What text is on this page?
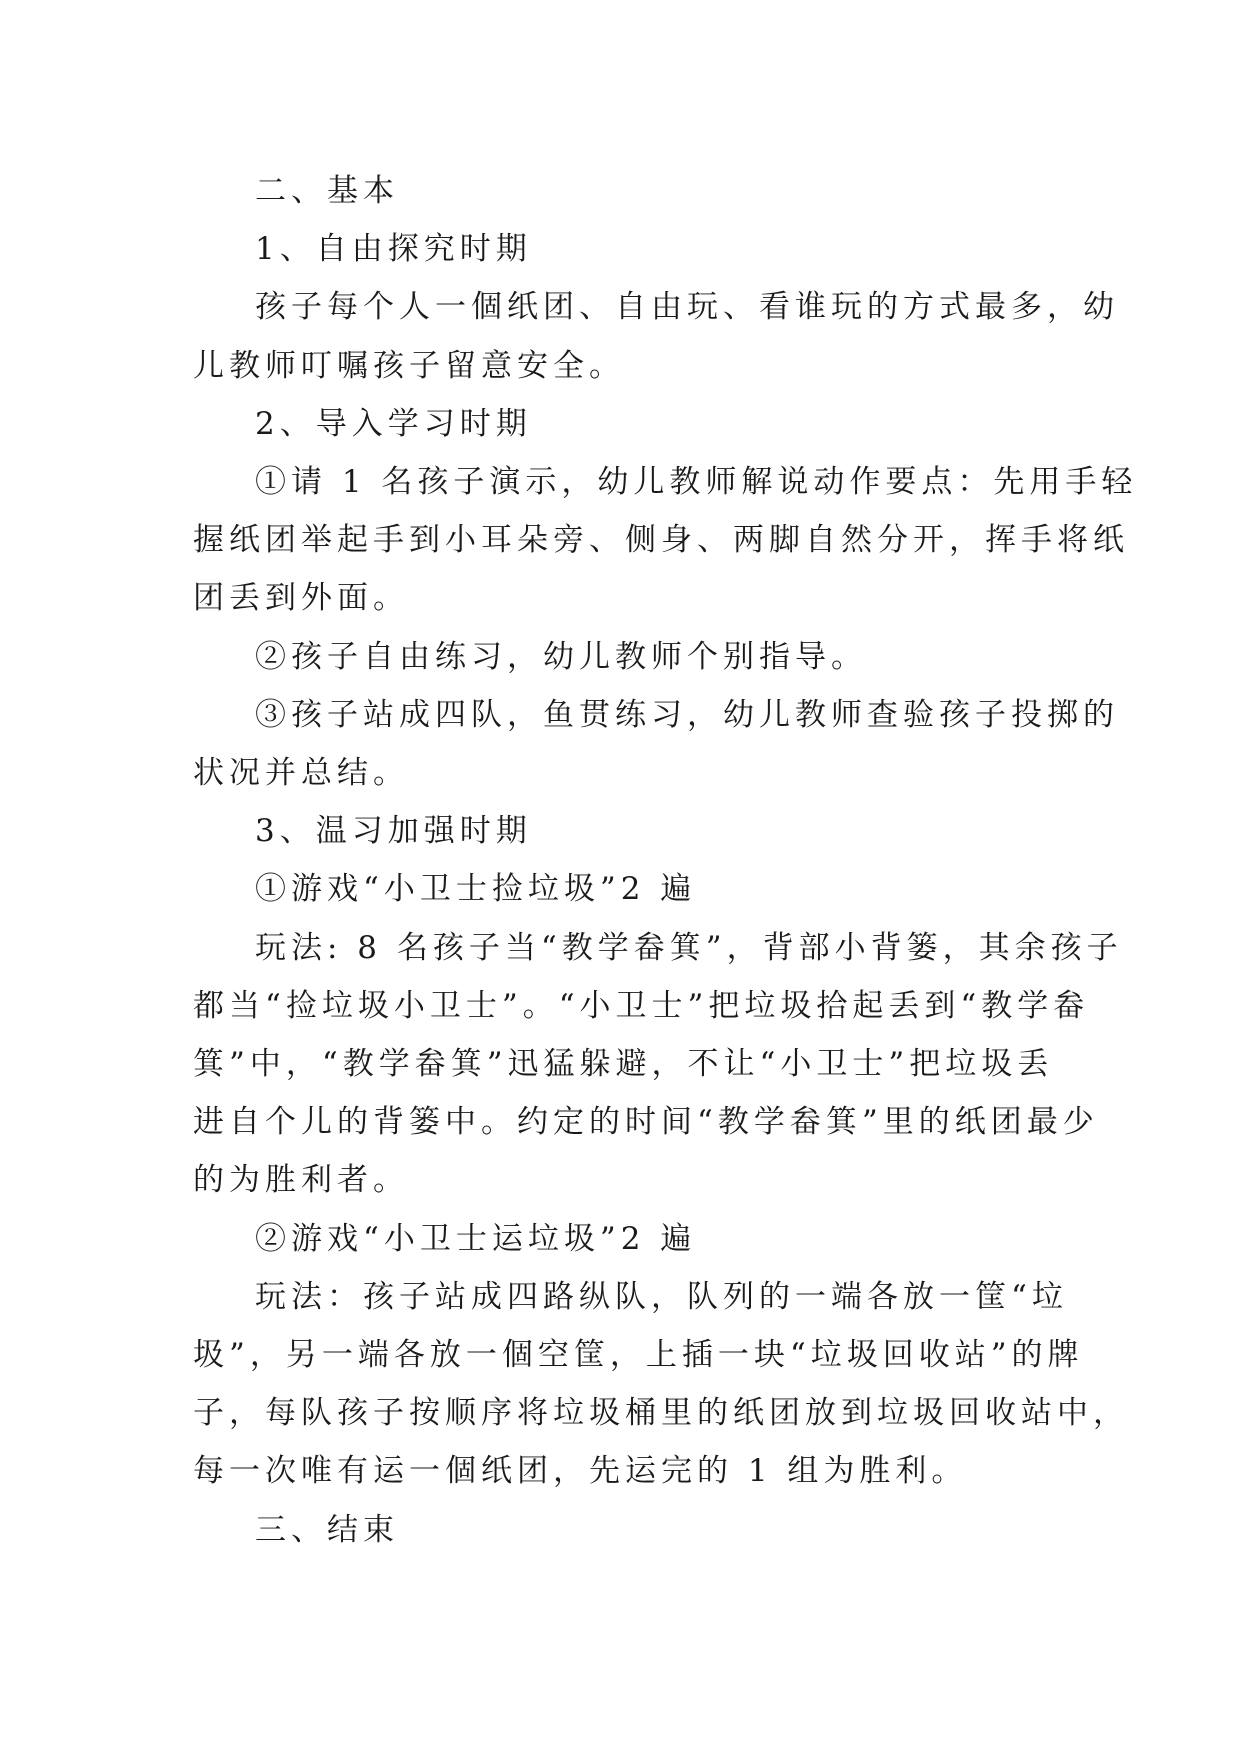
二、基本
1、自由探究时期
孩子每个人一個纸团、自由玩、看谁玩的方式最多，幼
儿教师叮嘱孩子留意安全。
2、导入学习时期
①请 1 名孩子演示，幼儿教师解说动作要点：先用手轻
握纸团举起手到小耳朵旁、侧身、两脚自然分开，挥手将纸
团丢到外面。
②孩子自由练习，幼儿教师个别指导。
③孩子站成四队，鱼贯练习，幼儿教师查验孩子投掷的
状况并总结。
3、温习加强时期
①游戏“小卫士捡垃圾”2 遍
玩法: 8 名孩子当“教学畚箕”，背部小背篓，其余孩子
都当“捡垃圾小卫士”。“小卫士”把垃圾拾起丢到“教学畚
箕”中，“教学畚箕”迅猛躲避，不让“小卫士”把垃圾丢
进自个儿的背篓中。约定的时间“教学畚箕”里的纸团最少
的为胜利者。
②游戏“小卫士运垃圾”2 遍
玩法：孩子站成四路纵队，队列的一端各放一筐“垃
圾”，另一端各放一個空筐，上插一块“垃圾回收站”的牌
子，每队孩子按顺序将垃圾桶里的纸团放到垃圾回收站中，
每一次唯有运一個纸团，先运完的 1 组为胜利。
三、结束
